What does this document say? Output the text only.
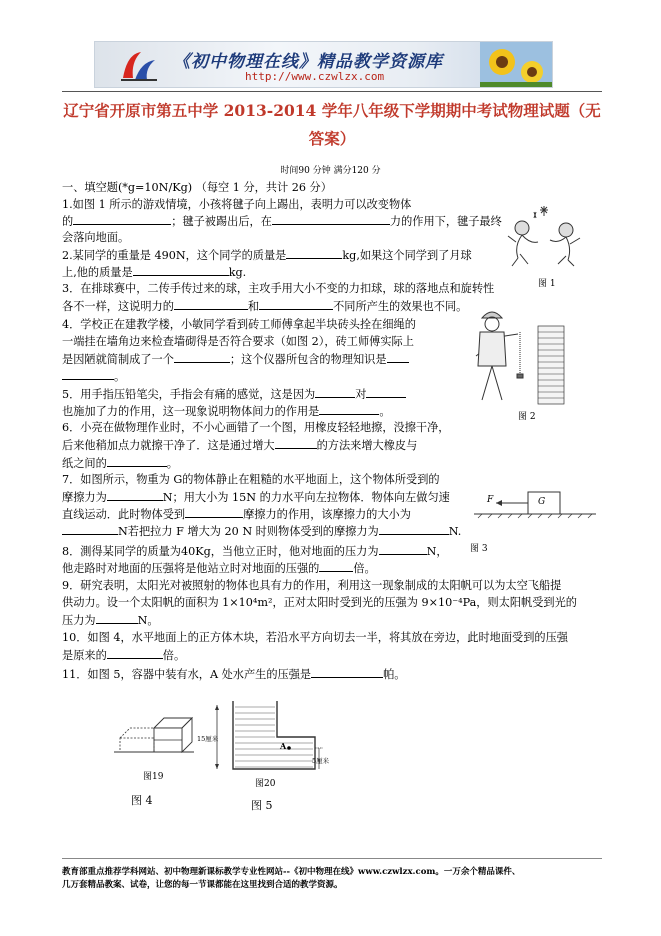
《初中物理在线》精品教学资源库
http://www.czwlzx.com
辽宁省开原市第五中学 2013-2014 学年八年级下学期期中考试物理试题（无
答案）
时间90 分钟 满分120 分
一、填空题(*g=10N/Kg) （每空 1 分，共计 26 分）
1.如图 1 所示的游戏情境，小孩将毽子向上踢出，表明力可以改变物体
的	；毽子被踢出后，在	力的作用下，毽子最终
会落向地面。
图 1
2.某同学的重量是 490N，这个同学的质量是	kg,如果这个同学到了月球
上,他的质量是	kg.
3．在排球赛中，二传手传过来的球，主攻手用大小不变的力扣球，球的落地点和旋转性
各不一样，这说明力的	和	不同所产生的效果也不同。
4．学校正在建教学楼，小敏同学看到砖工师傅拿起半块砖头拴在细绳的
一端挂在墙角边来检查墙砌得是否符合要求（如图 2），砖工师傅实际上
是因陋就简制成了一个	；这个仪器所包含的物理知识是
。
图 2
5．用手指压铅笔尖，手指会有痛的感觉，这是因为	对
也施加了力的作用，这一现象说明物体间力的作用是	。
6．小亮在做物理作业时，不小心画错了一个图，用橡皮轻轻地擦，没擦干净，
后来他稍加点力就擦干净了．这是通过增大	的方法来增大橡皮与
纸之间的	。
7．如图所示，物重为 G的物体静止在粗糙的水平地面上，这个物体所受到的
摩擦力为	N；用大小为 15N 的力水平向左拉物体．物体向左做匀速
直线运动．此时物体受到	摩擦力的作用，该摩擦力的大小为
N若把拉力 F 增大为 20 N 时则物体受到的摩擦力为	N.
F	G
图 3
8．測得某同学的质量为40Kg，当他立正时，他对地面的压力为	N，
他走路时对地面的压强将是他站立时对地面的压强的	倍。
9．研究表明，太阳光对被照射的物体也具有力的作用，利用这一现象制成的太阳帆可以为太空飞船提
供动力。设一个太阳帆的面积为 1×10⁴m²，正对太阳时受到光的压强为 9×10⁻⁴Pa，则太阳帆受到光的
压力为	N。
10．如图 4，水平地面上的正方体木块，若沿水平方向切去一半，将其放在旁边，此时地面受到的压强
是原来的	倍。
11．如图 5，容器中装有水，A 处水产生的压强是	帕。
图19
图 4
15厘米
A
5厘米
图20
图 5
教育部重点推荐学科网站、初中物理新课标教学专业性网站--《初中物理在线》www.czwlzx.com。一万余个精品课件、
几万套精品教案、试卷，让您的每一节课都能在这里找到合适的教学资源。
